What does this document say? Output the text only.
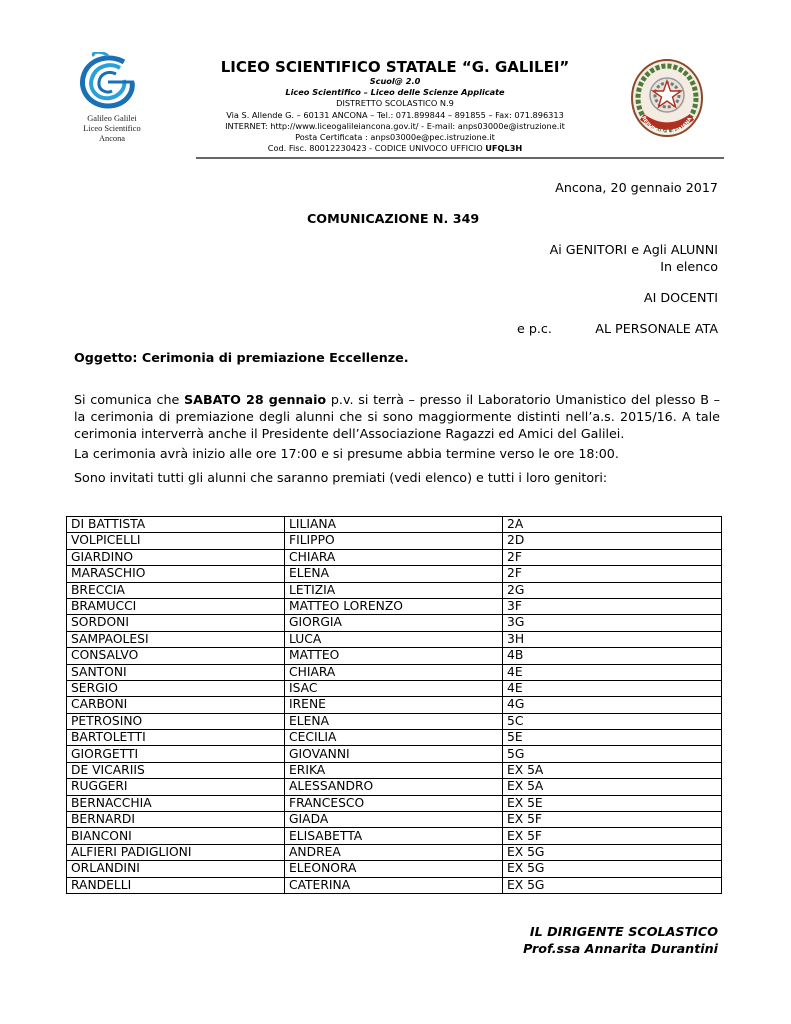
Galileo Galilei
Liceo Scientifico
Ancona
LICEO SCIENTIFICO STATALE “G. GALILEI”
Scuol@ 2.0
Liceo Scientifico – Liceo delle Scienze Applicate
DISTRETTO SCOLASTICO N.9
Via S. Allende G. – 60131 ANCONA – Tel.: 071.899844 – 891855 – Fax: 071.896313
INTERNET: http://www.liceogalileiancona.gov.it/ - E-mail: anps03000e@istruzione.it
Posta Certificata : anps03000e@pec.istruzione.it
Cod. Fisc. 80012230423 - CODICE UNIVOCO UFFICIO UFQL3H
REPUBBLICA ITALIANA
Ancona, 20 gennaio 2017
COMUNICAZIONE N. 349
Ai GENITORI e Agli ALUNNI
In elenco
AI DOCENTI
e p.c.	AL PERSONALE ATA
Oggetto: Cerimonia di premiazione Eccellenze.
Si comunica che SABATO 28 gennaio p.v. si terrà – presso il Laboratorio Umanistico del plesso B – la cerimonia di premiazione degli alunni che si sono maggiormente distinti nell’a.s. 2015/16. A tale cerimonia interverrà anche il Presidente dell’Associazione Ragazzi ed Amici del Galilei.
La cerimonia avrà inizio alle ore 17:00 e si presume abbia termine verso le ore 18:00.
Sono invitati tutti gli alunni che saranno premiati (vedi elenco) e tutti i loro genitori:
DI BATTISTA	LILIANA	2A
VOLPICELLI	FILIPPO	2D
GIARDINO	CHIARA	2F
MARASCHIO	ELENA	2F
BRECCIA	LETIZIA	2G
BRAMUCCI	MATTEO LORENZO	3F
SORDONI	GIORGIA	3G
SAMPAOLESI	LUCA	3H
CONSALVO	MATTEO	4B
SANTONI	CHIARA	4E
SERGIO	ISAC	4E
CARBONI	IRENE	4G
PETROSINO	ELENA	5C
BARTOLETTI	CECILIA	5E
GIORGETTI	GIOVANNI	5G
DE VICARIIS	ERIKA	EX 5A
RUGGERI	ALESSANDRO	EX 5A
BERNACCHIA	FRANCESCO	EX 5E
BERNARDI	GIADA	EX 5F
BIANCONI	ELISABETTA	EX 5F
ALFIERI PADIGLIONI	ANDREA	EX 5G
ORLANDINI	ELEONORA	EX 5G
RANDELLI	CATERINA	EX 5G
IL DIRIGENTE SCOLASTICO
Prof.ssa Annarita Durantini
